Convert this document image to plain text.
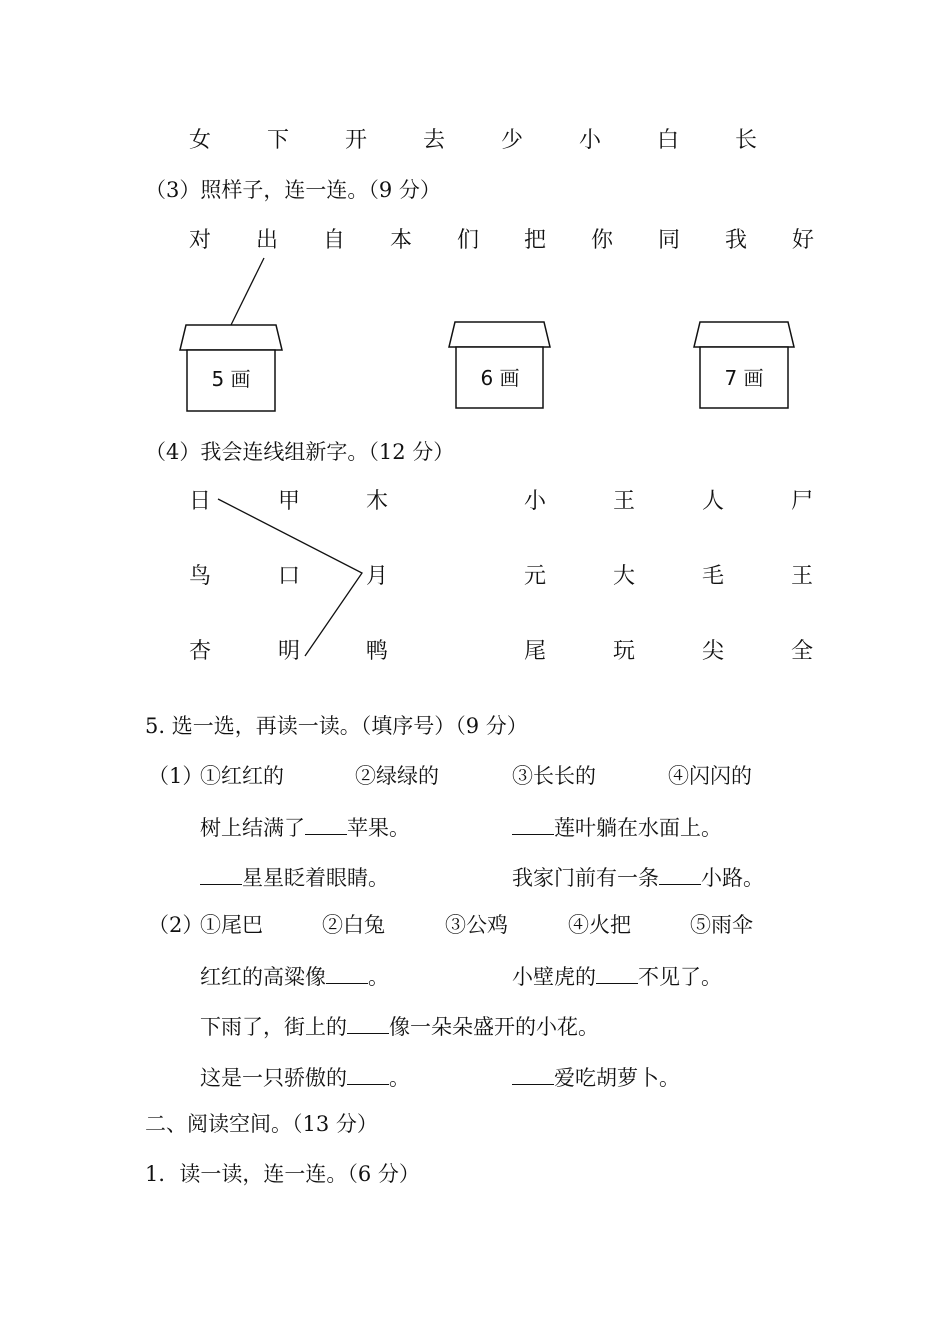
女	下	开	去	少	小	白	长
（3）照样子，连一连。（9 分）
对 出 自 本 们 把 你 同 我 好
5 画	6 画	7 画
（4）我会连线组新字。（12 分）
日	甲	木
鸟	口	月
杏	明	鸭
小	王	人	尸
元	大	毛	王
尾	玩	尖	全
5. 选一选，再读一读。（填序号）（9 分）
（1）
①红红的	②绿绿的	③长长的	④闪闪的
树上结满了 苹果。	莲叶躺在水面上。
星星眨着眼睛。	我家门前有一条 小路。
（2）
①尾巴	②白兔	③公鸡	④火把	⑤雨伞
红红的高粱像 。	小壁虎的 不见了。
下雨了，街上的 像一朵朵盛开的小花。
这是一只骄傲的 。	爱吃胡萝卜。
二、阅读空间。（13 分）
1．读一读，连一连。（6 分）
